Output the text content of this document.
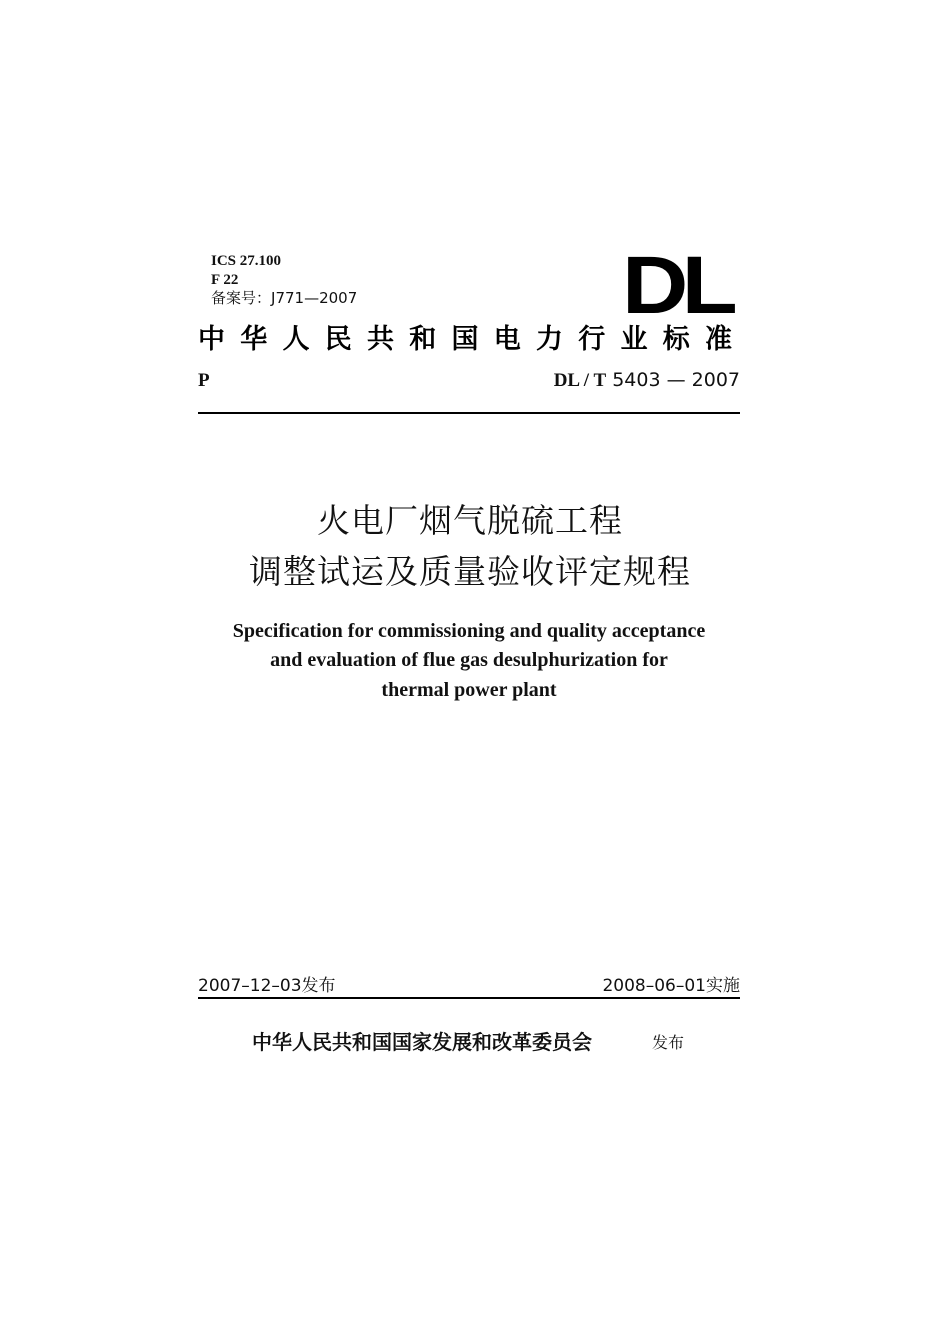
ICS 27.100
F 22
备案号：J771—2007	DL
中华人民共和国电力行业标准
P	DL / T 5403 — 2007
火电厂烟气脱硫工程
调整试运及质量验收评定规程
Specification for commissioning and quality acceptance
and evaluation of flue gas desulphurization for
thermal power plant
2007–12–03发布	2008–06–01实施
中华人民共和国国家发展和改革委员会	发布
